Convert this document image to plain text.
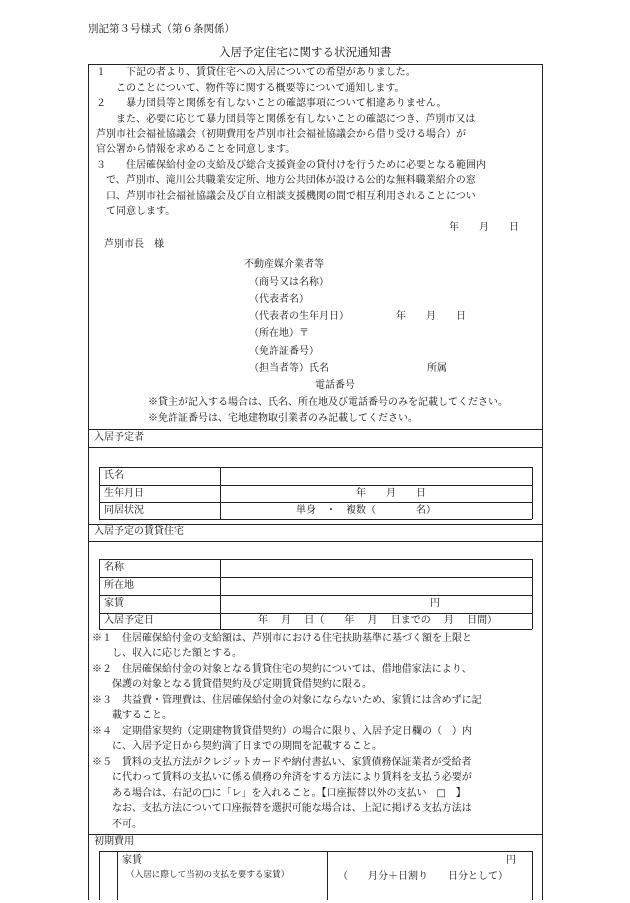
別記第３号様式（第６条関係）
入居予定住宅に関する状況通知書
１　　下記の者より、賃貸住宅への入居についての希望がありました。
　　このことについて、物件等に関する概要等について通知します。
２　　暴力団員等と関係を有しないことの確認事項について相違ありません。
　　また、必要に応じて暴力団員等と関係を有しないことの確認につき、芦別市又は
芦別市社会福祉協議会（初期費用を芦別市社会福祉協議会から借り受ける場合）が
官公署から情報を求めることを同意します。
３　　住居確保給付金の支給及び総合支援資金の貸付けを行うために必要となる範囲内
　で、芦別市、滝川公共職業安定所、地方公共団体が設ける公的な無料職業紹介の窓
　口、芦別市社会福祉協議会及び自立相談支援機関の間で相互利用されることについ
　て同意します。
年　　月　　日
芦別市長　様
不動産媒介業者等
（商号又は名称）
（代表者名）
（代表者の生年月日）	年　　月　　日
（所在地）〒
（免許証番号）
（担当者等）氏名	所属
電話番号
※貸主が記入する場合は、氏名、所在地及び電話番号のみを記載してください。
※免許証番号は、宅地建物取引業者のみ記載してください。
入居予定者
氏名
生年月日	年　　月　　日
同居状況	単身　・　複数（　　　　名）
入居予定の賃貸住宅
名称
所在地
家賃	円
入居予定日	年　 月　 日（　　年　 月　 日までの　 月　 日間）
※１　住居確保給付金の支給額は、芦別市における住宅扶助基準に基づく額を上限と
　　し、収入に応じた額とする。
※２　住居確保給付金の対象となる賃貸住宅の契約については、借地借家法により、
　　保護の対象となる賃貸借契約及び定期賃貸借契約に限る。
※３　共益費・管理費は、住居確保給付金の対象にならないため、家賃には含めずに記
　　載すること。
※４　定期借家契約（定期建物賃貸借契約）の場合に限り、入居予定日欄の（　）内
　　に、入居予定日から契約満了日までの期間を記載すること。
※５　賃料の支払方法がクレジットカードや納付書払い、家賃債務保証業者が受給者
　　に代わって賃料の支払いに係る債務の弁済をする方法により賃料を支払う必要が
　　ある場合は、右記の□に「レ」を入れること。【口座振替以外の支払い　□　】
　　なお、支払方法について口座振替を選択可能な場合は、上記に掲げる支払方法は
　　不可。
初期費用
家賃
（入居に際して当初の支払を要する家賃）
円
（　　月分＋日割り　　日分として）
